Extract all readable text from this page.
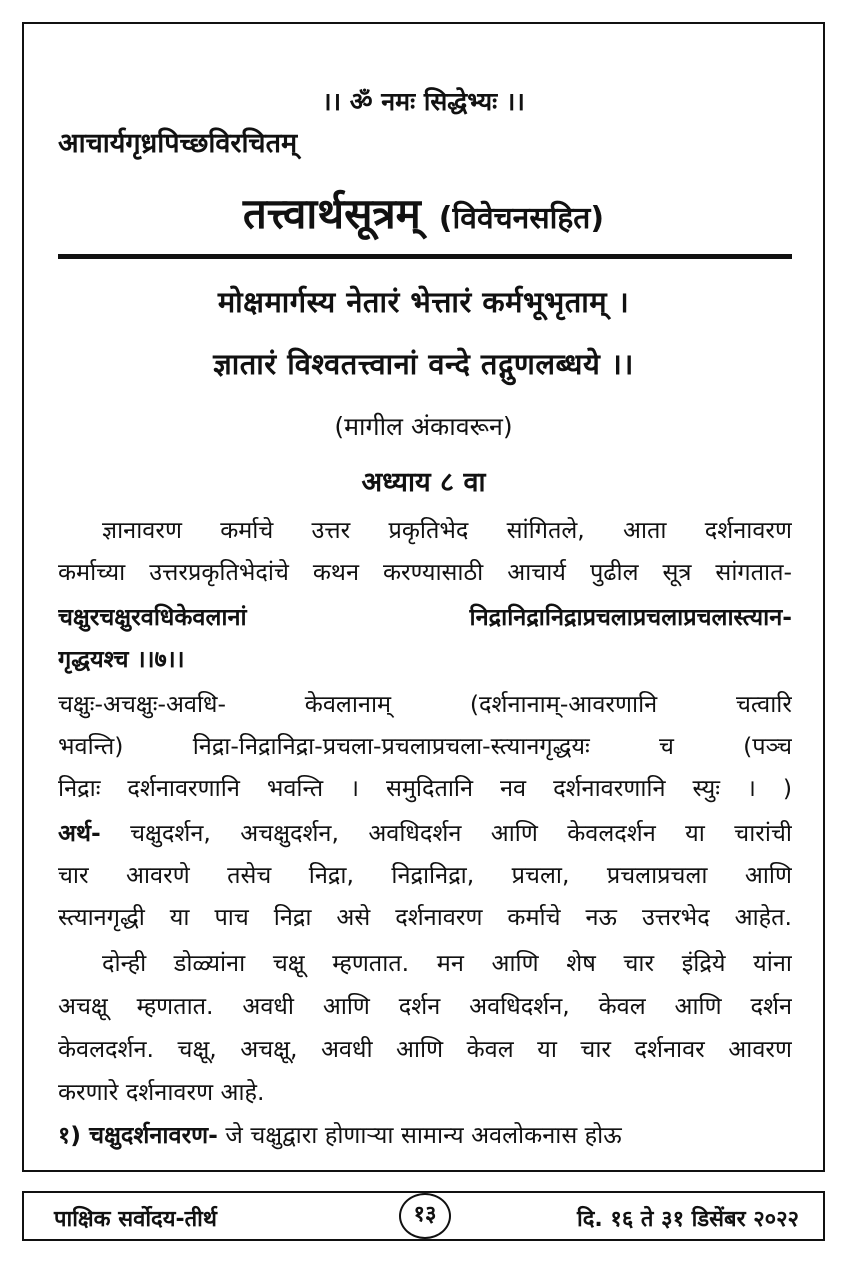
।। ॐ नमः सिद्धेभ्यः ।।
आचार्यगृध्रपिच्छविरचितम्
तत्त्वार्थसूत्रम् (विवेचनसहित)
मोक्षमार्गस्य नेतारं भेत्तारं कर्मभूभृताम् ।
ज्ञातारं विश्वतत्त्वानां वन्दे तद्गुणलब्धये ।।
(मागील अंकावरून)
अध्याय ८ वा
ज्ञानावरण कर्माचे उत्तर प्रकृतिभेद सांगितले, आता दर्शनावरण
कर्माच्या उत्तरप्रकृतिभेदांचे कथन करण्यासाठी आचार्य पुढील सूत्र सांगतात-
चक्षुरचक्षुरवधिकेवलानां निद्रानिद्रानिद्राप्रचलाप्रचलाप्रचलास्त्यान-
गृद्धयश्च ।।७।।
चक्षुः-अचक्षुः-अवधि- केवलानाम् (दर्शनानाम्-आवरणानि चत्वारि
भवन्ति) निद्रा-निद्रानिद्रा-प्रचला-प्रचलाप्रचला-स्त्यानगृद्धयः च (पञ्च
निद्राः दर्शनावरणानि भवन्ति । समुदितानि नव दर्शनावरणानि स्युः । )
अर्थ- चक्षुदर्शन, अचक्षुदर्शन, अवधिदर्शन आणि केवलदर्शन या चारांची
चार आवरणे तसेच निद्रा, निद्रानिद्रा, प्रचला, प्रचलाप्रचला आणि
स्त्यानगृद्धी या पाच निद्रा असे दर्शनावरण कर्माचे नऊ उत्तरभेद आहेत.
दोन्ही डोळ्यांना चक्षू म्हणतात. मन आणि शेष चार इंद्रिये यांना
अचक्षू म्हणतात. अवधी आणि दर्शन अवधिदर्शन, केवल आणि दर्शन
केवलदर्शन. चक्षू, अचक्षू, अवधी आणि केवल या चार दर्शनावर आवरण
करणारे दर्शनावरण आहे.
१) चक्षुदर्शनावरण- जे चक्षुद्वारा होणाऱ्या सामान्य अवलोकनास होऊ
पाक्षिक सर्वोदय-तीर्थ	१३	दि. १६ ते ३१ डिसेंबर २०२२
